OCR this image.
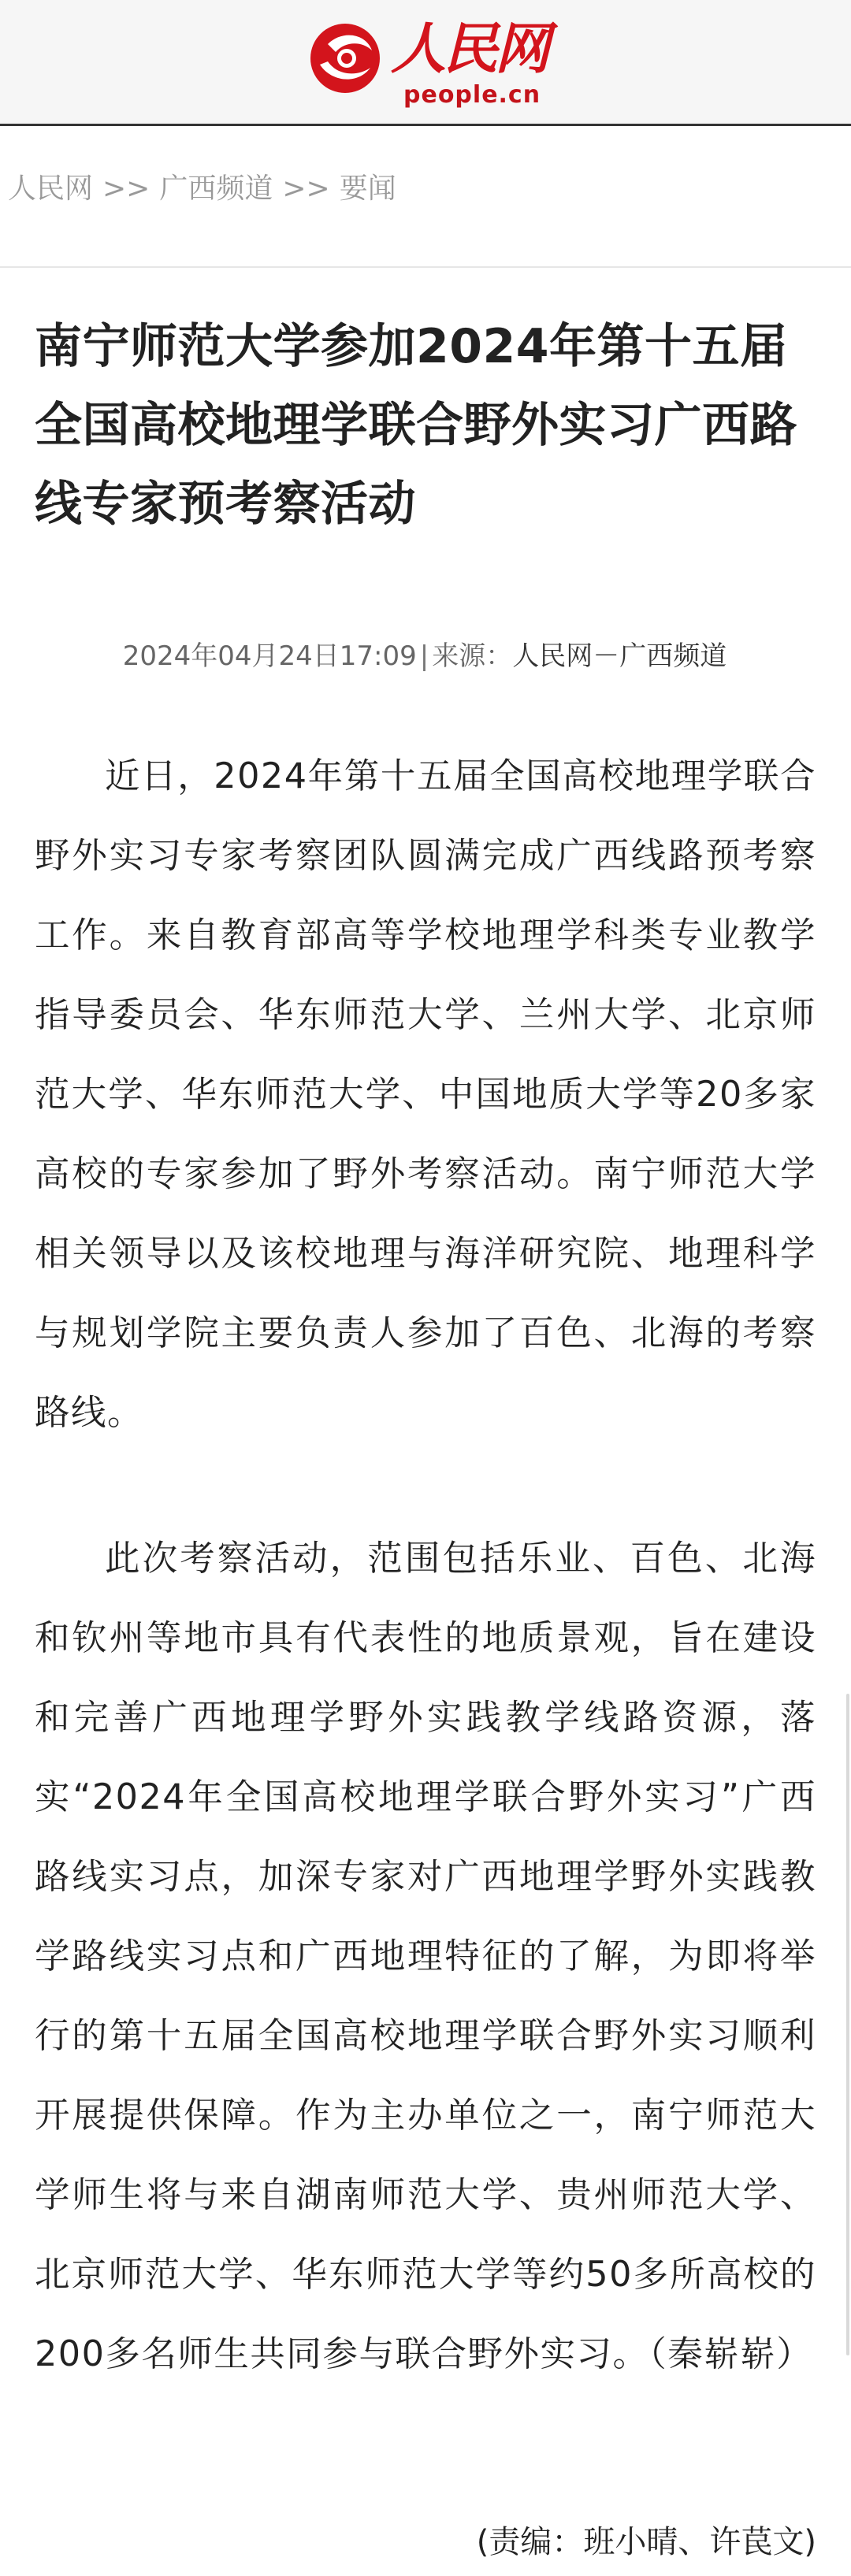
人民网
people.cn
人民网 >> 广西频道 >> 要闻
南宁师范大学参加2024年第十五届全国高校地理学联合野外实习广西路线专家预考察活动
2024年04月24日17:09 | 来源：人民网－广西频道

近日，2024年第十五届全国高校地理学联合野外实习专家考察团队圆满完成广西线路预考察工作。来自教育部高等学校地理学科类专业教学指导委员会、华东师范大学、兰州大学、北京师范大学、华东师范大学、中国地质大学等20多家高校的专家参加了野外考察活动。南宁师范大学相关领导以及该校地理与海洋研究院、地理科学与规划学院主要负责人参加了百色、北海的考察路线。

此次考察活动，范围包括乐业、百色、北海和钦州等地市具有代表性的地质景观，旨在建设和完善广西地理学野外实践教学线路资源，落实“2024年全国高校地理学联合野外实习”广西路线实习点，加深专家对广西地理学野外实践教学路线实习点和广西地理特征的了解，为即将举行的第十五届全国高校地理学联合野外实习顺利开展提供保障。作为主办单位之一，南宁师范大学师生将与来自湖南师范大学、贵州师范大学、北京师范大学、华东师范大学等约50多所高校的200多名师生共同参与联合野外实习。（秦崭崭）

(责编：班小晴、许苠文)
